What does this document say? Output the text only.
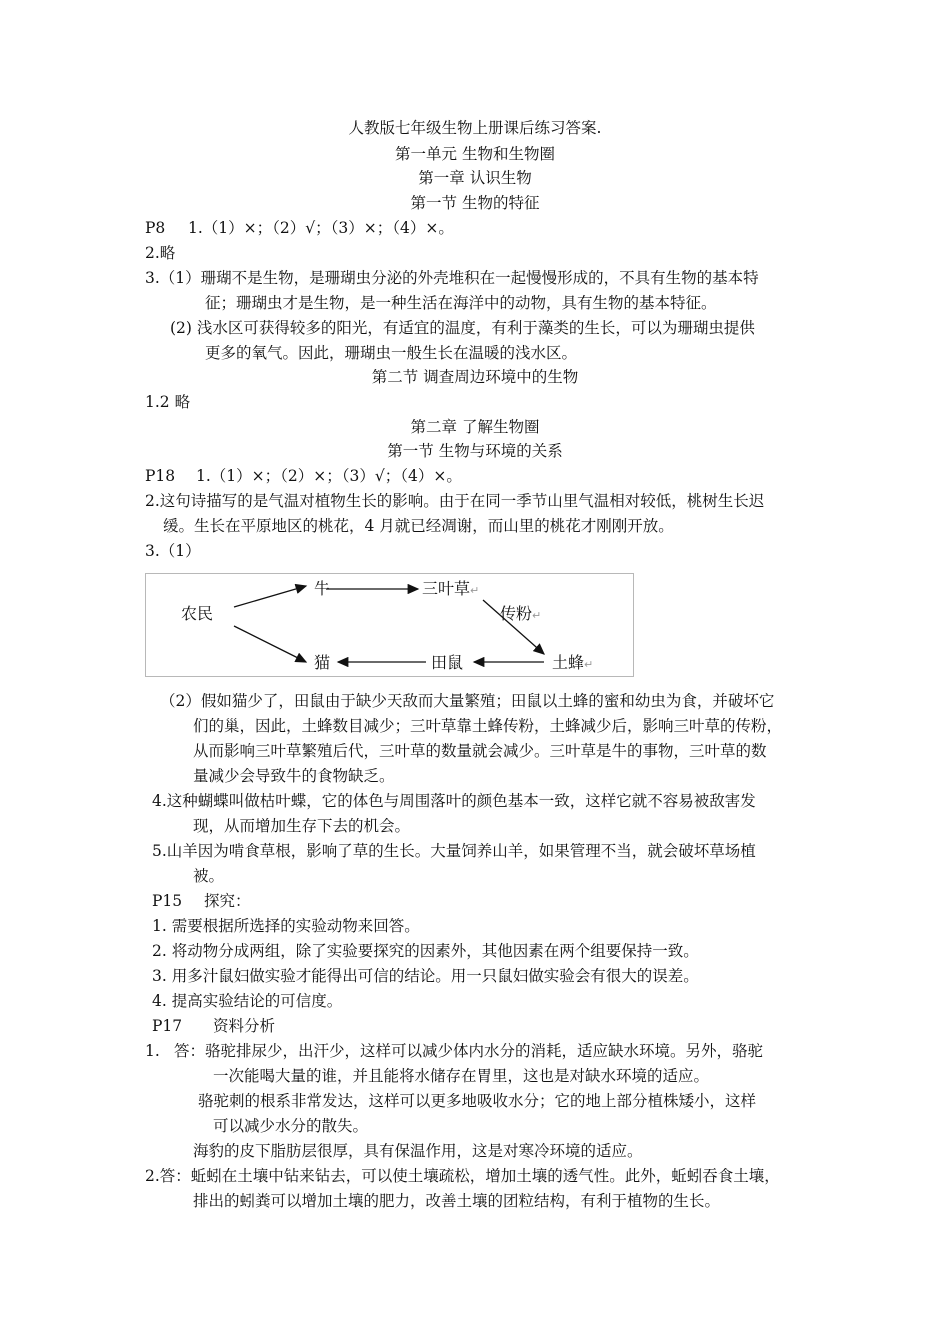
人教版七年级生物上册课后练习答案.
第一单元 生物和生物圈
第一章 认识生物
第一节 生物的特征
P8 1.（1）×；（2）√；（3）×；（4）×。
2.略
3.（1）珊瑚不是生物，是珊瑚虫分泌的外壳堆积在一起慢慢形成的，不具有生物的基本特
征；珊瑚虫才是生物，是一种生活在海洋中的动物，具有生物的基本特征。
(2) 浅水区可获得较多的阳光，有适宜的温度，有利于藻类的生长，可以为珊瑚虫提供
更多的氧气。因此，珊瑚虫一般生长在温暖的浅水区。
第二节 调查周边环境中的生物
1.2 略
第二章 了解生物圈
第一节 生物与环境的关系
P18 1.（1）×；（2）×；（3）√；（4）×。
2.这句诗描写的是气温对植物生长的影响。由于在同一季节山里气温相对较低，桃树生长迟
缓。生长在平原地区的桃花，4 月就已经凋谢，而山里的桃花才刚刚开放。
3.（1）
农民
牛	三叶草↵
传粉↵
土蜂↵
田鼠
猫
（2）假如猫少了，田鼠由于缺少天敌而大量繁殖；田鼠以土蜂的蜜和幼虫为食，并破坏它
们的巢，因此，土蜂数目减少；三叶草靠土蜂传粉，土蜂减少后，影响三叶草的传粉，
从而影响三叶草繁殖后代，三叶草的数量就会减少。三叶草是牛的事物，三叶草的数
量减少会导致牛的食物缺乏。
4.这种蝴蝶叫做枯叶蝶，它的体色与周围落叶的颜色基本一致，这样它就不容易被敌害发
现，从而增加生存下去的机会。
5.山羊因为啃食草根，影响了草的生长。大量饲养山羊，如果管理不当，就会破坏草场植
被。
P15 探究：
1. 需要根据所选择的实验动物来回答。
2. 将动物分成两组，除了实验要探究的因素外，其他因素在两个组要保持一致。
3. 用多汁鼠妇做实验才能得出可信的结论。用一只鼠妇做实验会有很大的误差。
4. 提高实验结论的可信度。
P17 资料分析
1. 答：骆驼排尿少，出汗少，这样可以减少体内水分的消耗，适应缺水环境。另外，骆驼
一次能喝大量的谁，并且能将水储存在胃里，这也是对缺水环境的适应。
骆驼刺的根系非常发达，这样可以更多地吸收水分；它的地上部分植株矮小，这样
可以减少水分的散失。
海豹的皮下脂肪层很厚，具有保温作用，这是对寒冷环境的适应。
2.答：蚯蚓在土壤中钻来钻去，可以使土壤疏松，增加土壤的透气性。此外，蚯蚓吞食土壤，
排出的蚓粪可以增加土壤的肥力，改善土壤的团粒结构，有利于植物的生长。
